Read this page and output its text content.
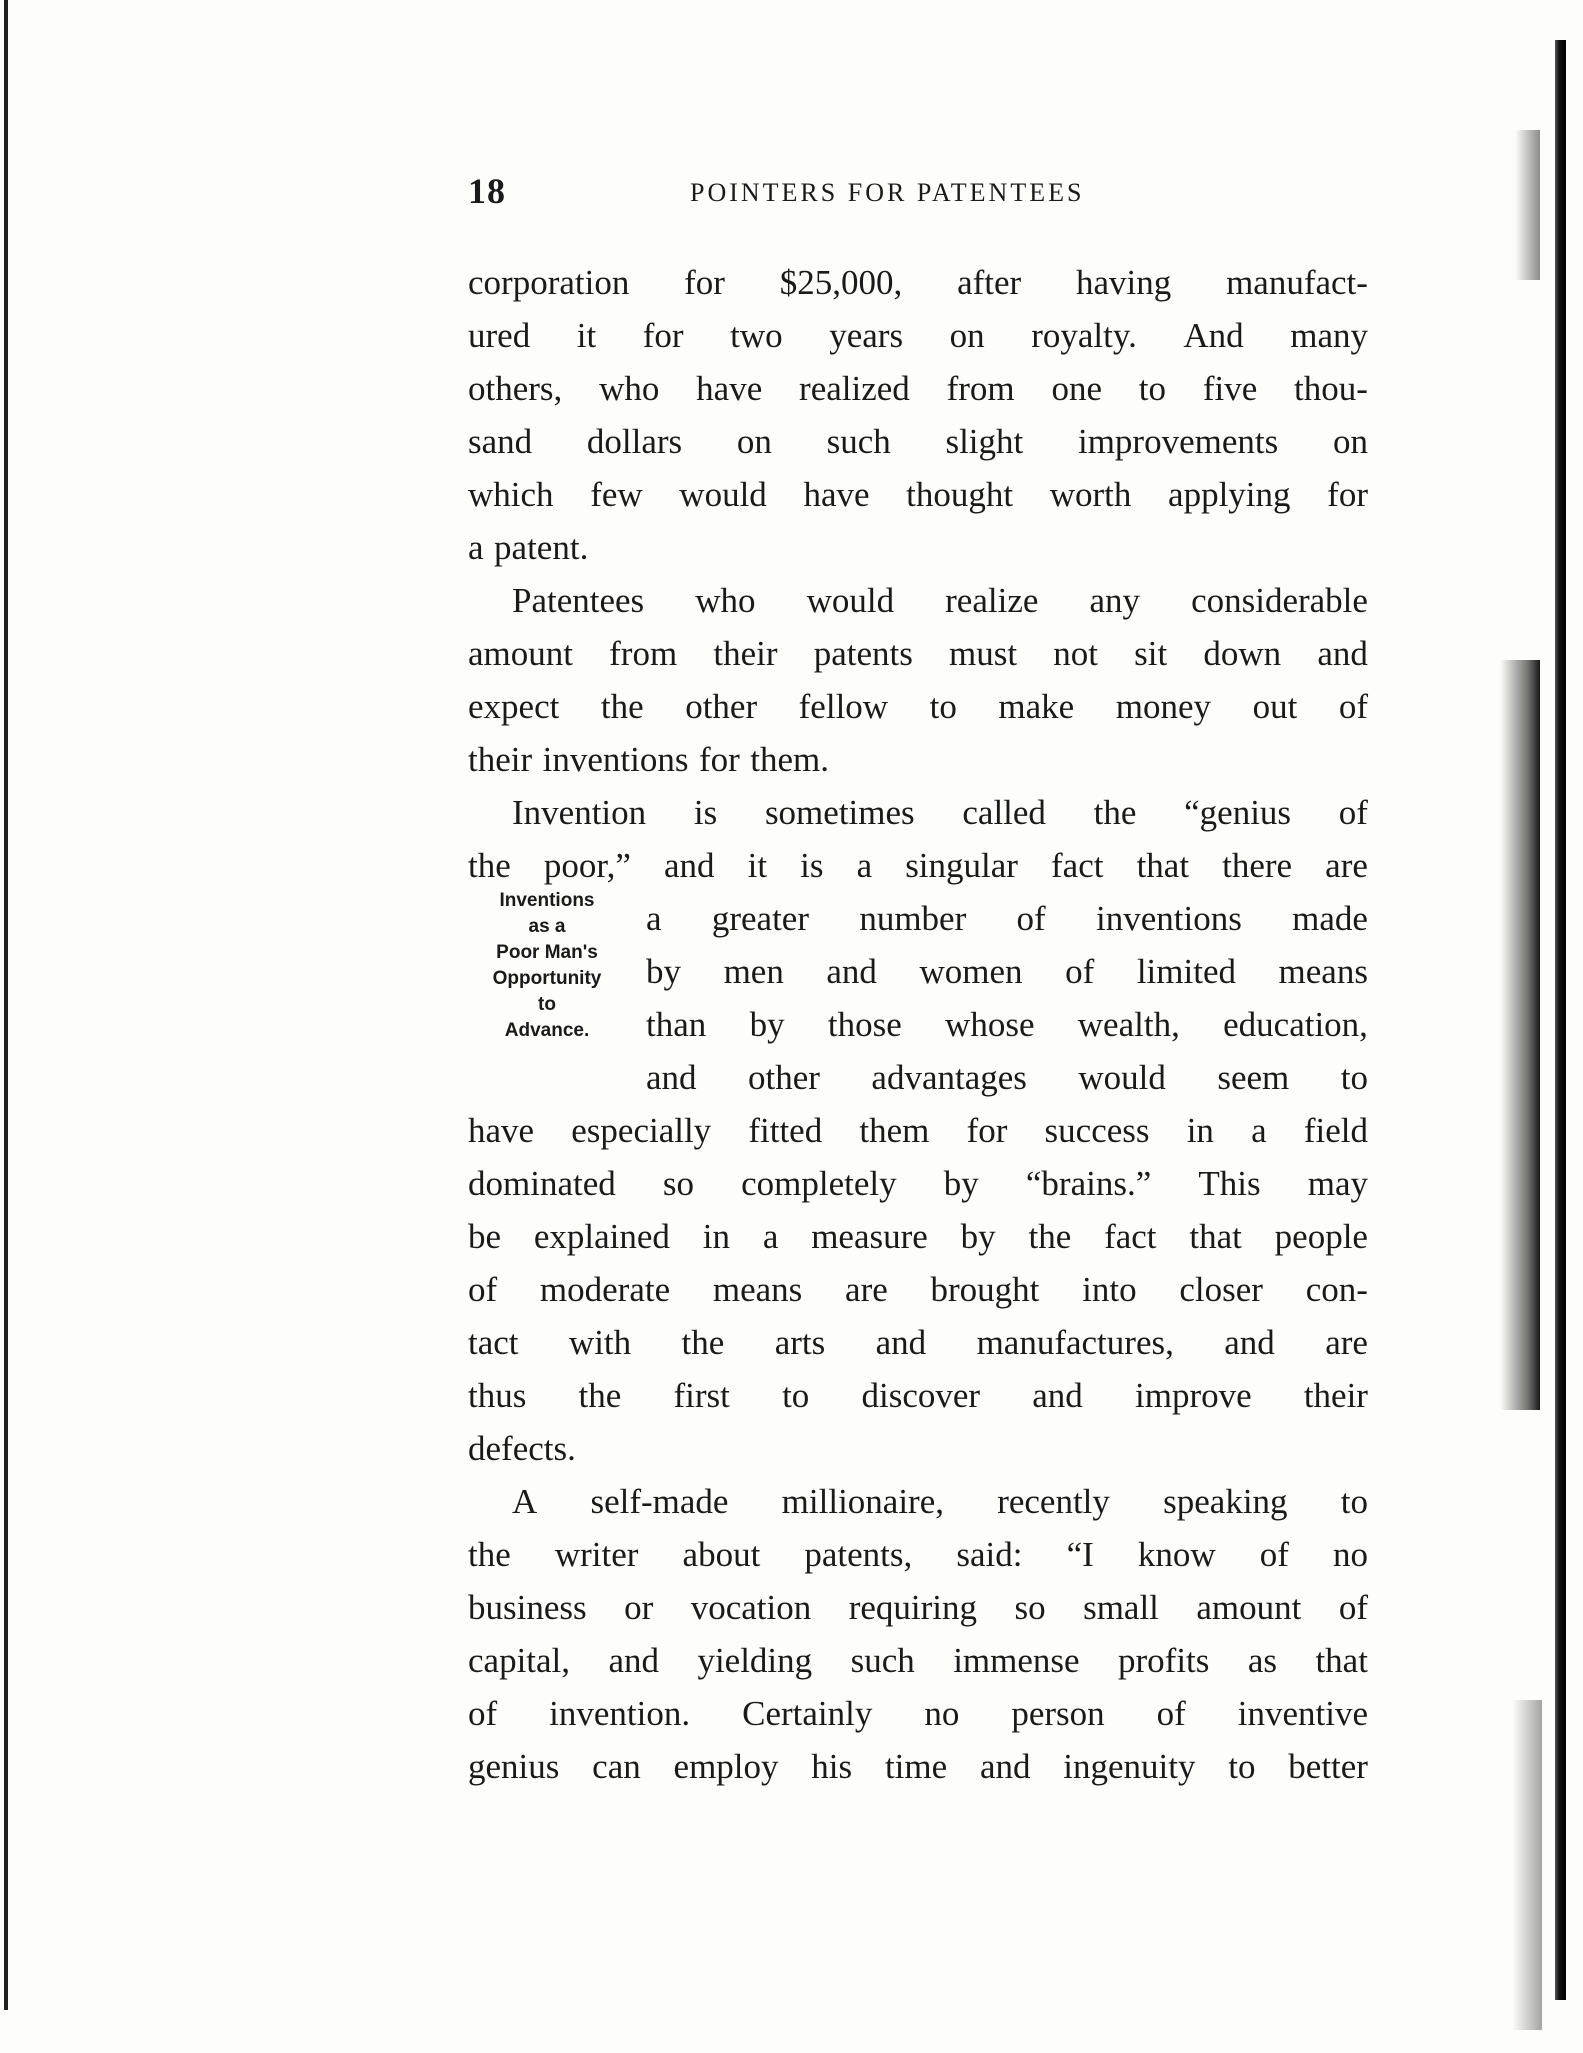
18	POINTERS FOR PATENTEES
Inventions
as a
Poor Man's
Opportunity
to
Advance.
corporation for $25,000, after having manufact-
ured it for two years on royalty. And many
others, who have realized from one to five thou-
sand dollars on such slight improvements on
which few would have thought worth applying for
a patent.
Patentees who would realize any considerable
amount from their patents must not sit down and
expect the other fellow to make money out of
their inventions for them.
Invention is sometimes called the “genius of
the poor,” and it is a singular fact that there are
a greater number of inventions made
by men and women of limited means
than by those whose wealth, education,
and other advantages would seem to
have especially fitted them for success in a field
dominated so completely by “brains.” This may
be explained in a measure by the fact that people
of moderate means are brought into closer con-
tact with the arts and manufactures, and are
thus the first to discover and improve their
defects.
A self-made millionaire, recently speaking to
the writer about patents, said: “I know of no
business or vocation requiring so small amount of
capital, and yielding such immense profits as that
of invention. Certainly no person of inventive
genius can employ his time and ingenuity to better
